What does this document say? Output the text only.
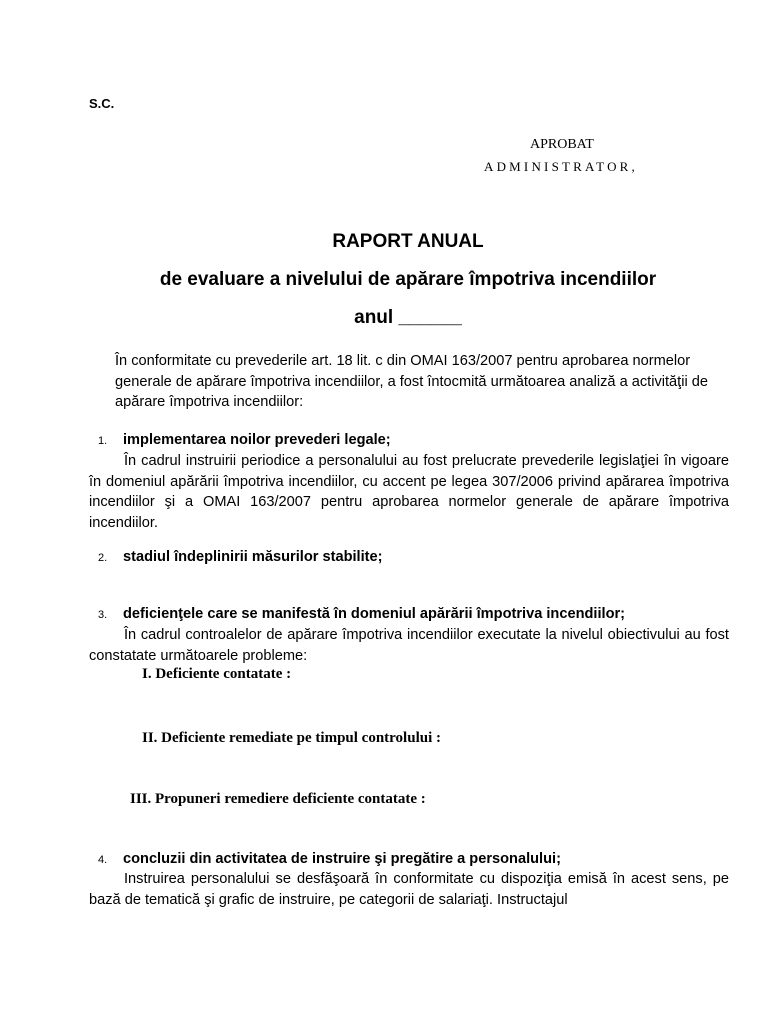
S.C.
APROBAT
ADMINISTRATOR,
RAPORT ANUAL
de evaluare a nivelului de apărare împotriva incendiilor
anul ______
În conformitate cu prevederile art. 18 lit. c din OMAI 163/2007 pentru aprobarea normelor generale de apărare împotriva incendiilor, a fost întocmită următoarea analiză a activităţii de apărare împotriva incendiilor:
1.	implementarea noilor prevederi legale;
În cadrul instruirii periodice a personalului au fost prelucrate prevederile legislaţiei în vigoare în domeniul apărării împotriva incendiilor, cu accent pe legea 307/2006 privind apărarea împotriva incendiilor şi a OMAI 163/2007 pentru aprobarea normelor generale de apărare împotriva incendiilor.
2.	stadiul îndeplinirii măsurilor stabilite;
3.	deficienţele care se manifestă în domeniul apărării împotriva incendiilor;
În cadrul controalelor de apărare împotriva incendiilor executate la nivelul obiectivului au fost constatate următoarele probleme:
I. Deficiente contatate :
II. Deficiente remediate pe timpul controlului :
III. Propuneri remediere deficiente contatate :
4.	concluzii din activitatea de instruire şi pregătire a personalului;
Instruirea personalului se desfăşoară în conformitate cu dispoziţia emisă în acest sens, pe bază de tematică şi grafic de instruire, pe categorii de salariaţi. Instructajul
